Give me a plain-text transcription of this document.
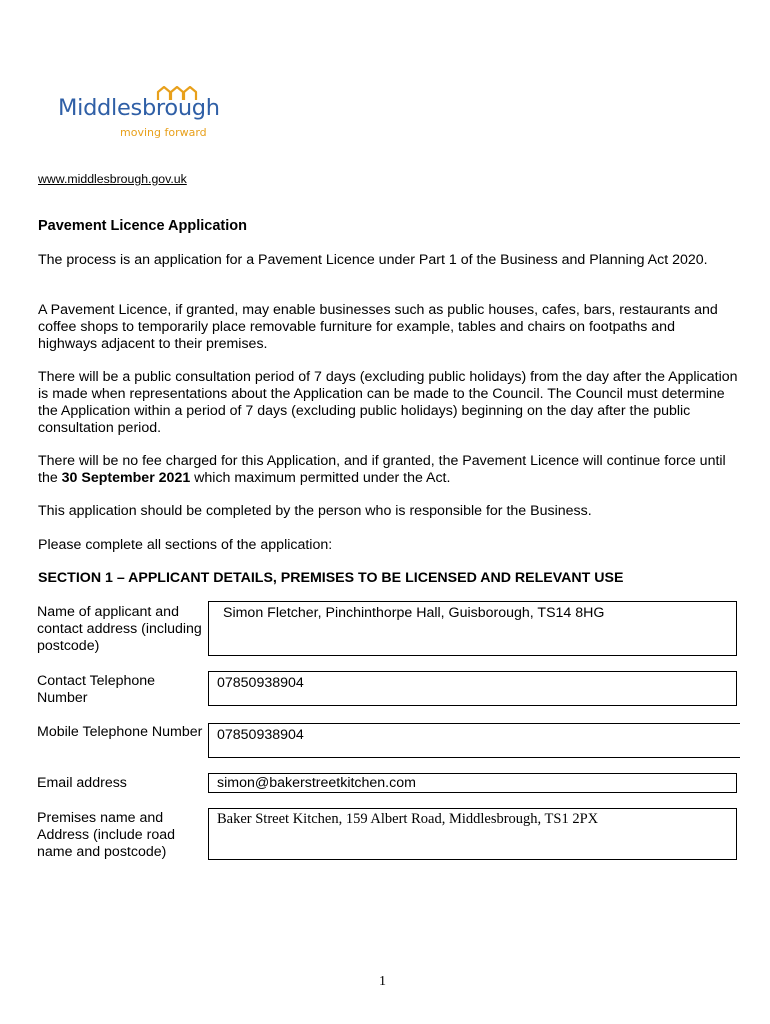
Middlesbrough
moving forward
www.middlesbrough.gov.uk
Pavement Licence Application
The process is an application for a Pavement Licence under Part 1 of the Business and Planning Act 2020.
A Pavement Licence, if granted, may enable businesses such as public houses, cafes, bars, restaurants and coffee shops to temporarily place removable furniture for example, tables and chairs on footpaths and highways adjacent to their premises.
There will be a public consultation period of 7 days (excluding public holidays) from the day after the Application is made when representations about the Application can be made to the Council. The Council must determine the Application within a period of 7 days (excluding public holidays) beginning on the day after the public consultation period.
There will be no fee charged for this Application, and if granted, the Pavement Licence will continue force until the 30 September 2021 which maximum permitted under the Act.
This application should be completed by the person who is responsible for the Business.
Please complete all sections of the application:
SECTION 1 – APPLICANT DETAILS, PREMISES TO BE LICENSED AND RELEVANT USE
Name of applicant and contact address (including postcode)
Simon Fletcher, Pinchinthorpe Hall, Guisborough, TS14 8HG
Contact Telephone Number
07850938904
Mobile Telephone Number	07850938904
Email address	simon@bakerstreetkitchen.com
Premises name and Address (include road name and postcode)
Baker Street Kitchen, 159 Albert Road, Middlesbrough, TS1 2PX
1
